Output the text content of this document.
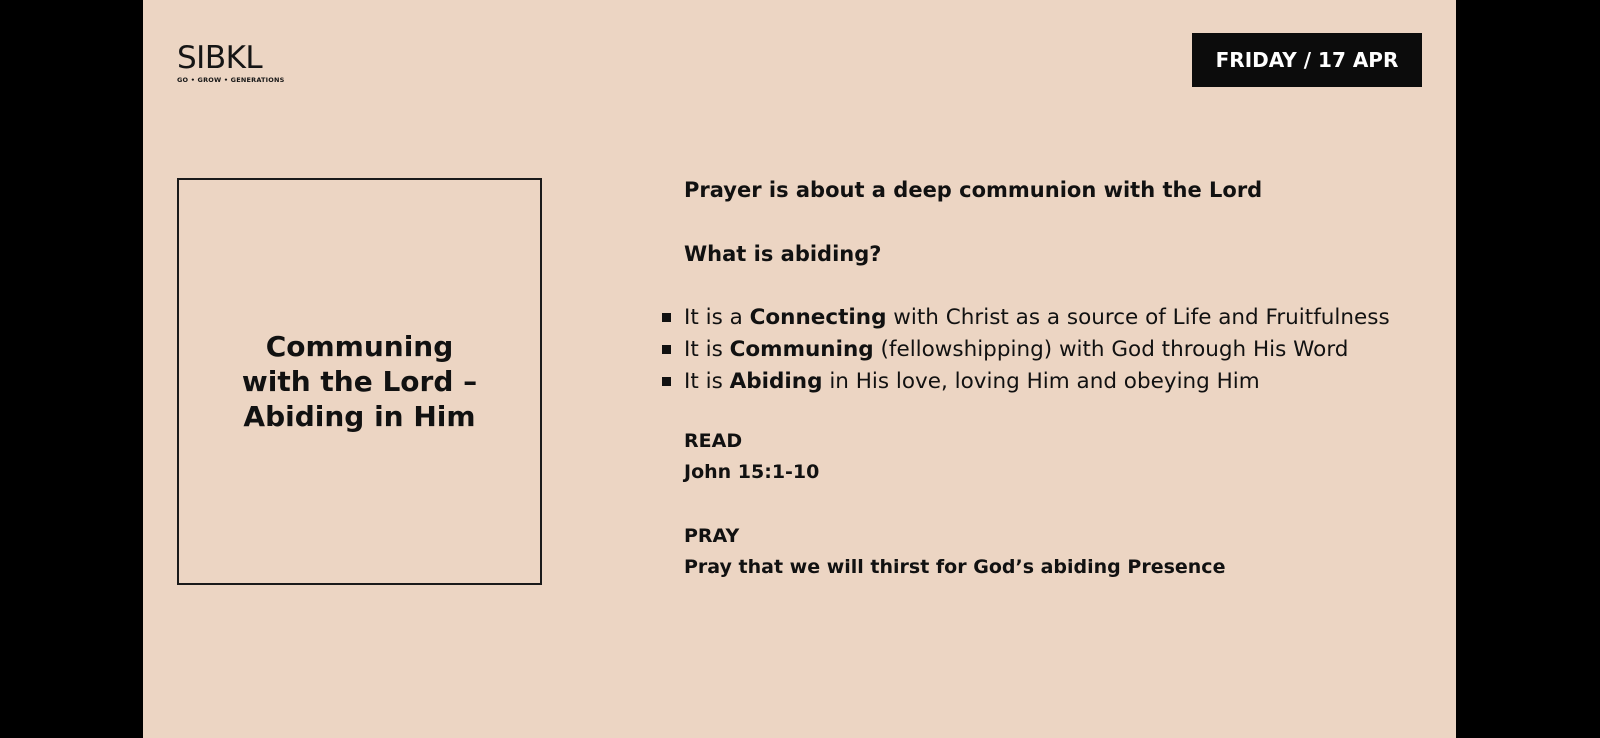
SIBKL
GO • GROW • GENERATIONS
FRIDAY / 17 APR
Communing
with the Lord –
Abiding in Him

Prayer is about a deep communion with the Lord

What is abiding?

It is a Connecting with Christ as a source of Life and Fruitfulness
It is Communing (fellowshipping) with God through His Word
It is Abiding in His love, loving Him and obeying Him
READ
John 15:1-10
PRAY
Pray that we will thirst for God’s abiding Presence
